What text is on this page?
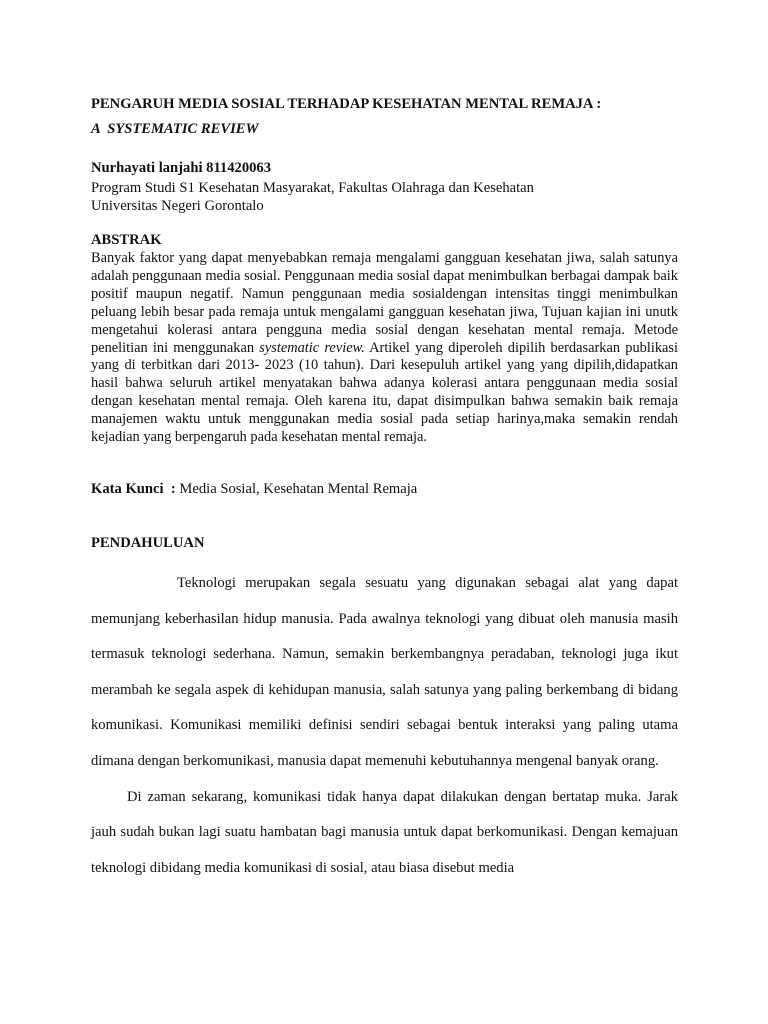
PENGARUH MEDIA SOSIAL TERHADAP KESEHATAN MENTAL REMAJA :
A  SYSTEMATIC REVIEW
Nurhayati lanjahi 811420063
Program Studi S1 Kesehatan Masyarakat, Fakultas Olahraga dan Kesehatan
Universitas Negeri Gorontalo
ABSTRAK

Banyak faktor yang dapat menyebabkan remaja mengalami gangguan kesehatan jiwa, salah satunya adalah penggunaan media sosial. Penggunaan media sosial dapat menimbulkan berbagai dampak baik positif maupun negatif. Namun penggunaan media sosialdengan intensitas tinggi menimbulkan peluang lebih besar pada remaja untuk mengalami gangguan kesehatan jiwa, Tujuan kajian ini unutk mengetahui kolerasi antara pengguna media sosial dengan kesehatan mental remaja. Metode penelitian ini menggunakan systematic review. Artikel yang diperoleh dipilih berdasarkan publikasi yang di terbitkan dari 2013- 2023 (10 tahun). Dari kesepuluh artikel yang yang dipilih,didapatkan hasil bahwa seluruh artikel menyatakan bahwa adanya kolerasi antara penggunaan media sosial dengan kesehatan mental remaja. Oleh karena itu, dapat disimpulkan bahwa semakin baik remaja manajemen waktu untuk menggunakan media sosial pada setiap harinya,maka semakin rendah kejadian yang berpengaruh pada kesehatan mental remaja.

Kata Kunci  : Media Sosial, Kesehatan Mental Remaja
PENDAHULUAN

Teknologi merupakan segala sesuatu yang digunakan sebagai alat yang dapat memunjang keberhasilan hidup manusia. Pada awalnya teknologi yang dibuat oleh manusia masih termasuk teknologi sederhana. Namun, semakin berkembangnya peradaban, teknologi juga ikut merambah ke segala aspek di kehidupan manusia, salah satunya yang paling berkembang di bidang komunikasi. Komunikasi memiliki definisi sendiri sebagai bentuk interaksi yang paling utama dimana dengan berkomunikasi, manusia dapat memenuhi kebutuhannya mengenal banyak orang.

Di zaman sekarang, komunikasi tidak hanya dapat dilakukan dengan bertatap muka. Jarak jauh sudah bukan lagi suatu hambatan bagi manusia untuk dapat berkomunikasi. Dengan kemajuan teknologi dibidang media komunikasi di sosial, atau biasa disebut media
